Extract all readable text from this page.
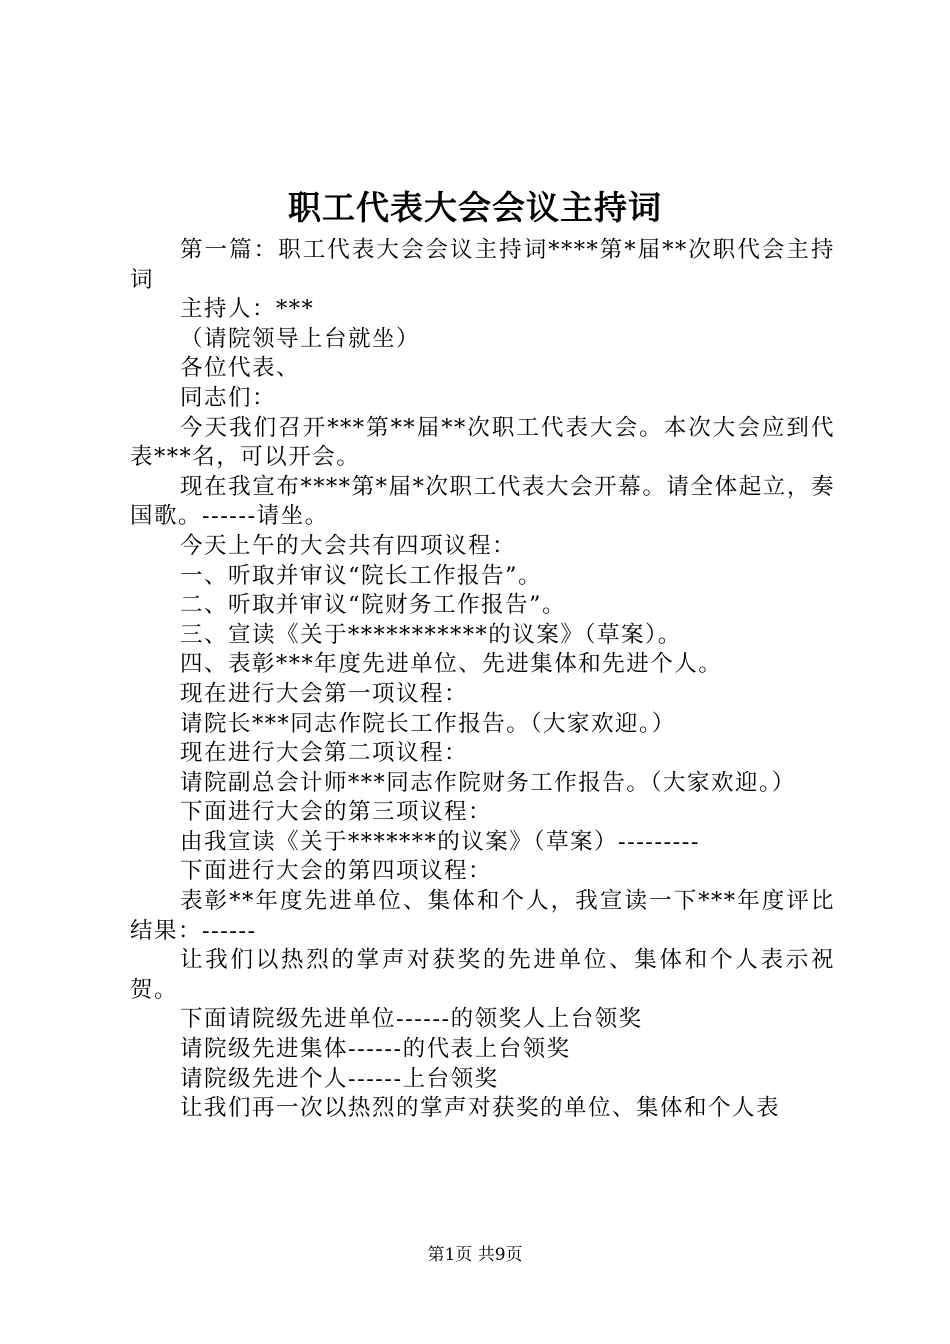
职工代表大会会议主持词

第一篇：职工代表大会会议主持词****第*届**次职代会主持词

主持人：***

（请院领导上台就坐）

各位代表、

同志们：

今天我们召开***第**届**次职工代表大会。本次大会应到代表***名，可以开会。

现在我宣布****第*届*次职工代表大会开幕。请全体起立，奏国歌。------请坐。

今天上午的大会共有四项议程：

一、听取并审议“院长工作报告”。

二、听取并审议“院财务工作报告”。

三、宣读《关于***********的议案》（草案）。

四、表彰***年度先进单位、先进集体和先进个人。

现在进行大会第一项议程：

请院长***同志作院长工作报告。（大家欢迎。）

现在进行大会第二项议程：

请院副总会计师***同志作院财务工作报告。（大家欢迎。）

下面进行大会的第三项议程：

由我宣读《关于*******的议案》（草案）---------

下面进行大会的第四项议程：

表彰**年度先进单位、集体和个人，我宣读一下***年度评比结果：------

让我们以热烈的掌声对获奖的先进单位、集体和个人表示祝贺。

下面请院级先进单位------的领奖人上台领奖

请院级先进集体------的代表上台领奖

请院级先进个人------上台领奖

让我们再一次以热烈的掌声对获奖的单位、集体和个人表

第1页 共9页
